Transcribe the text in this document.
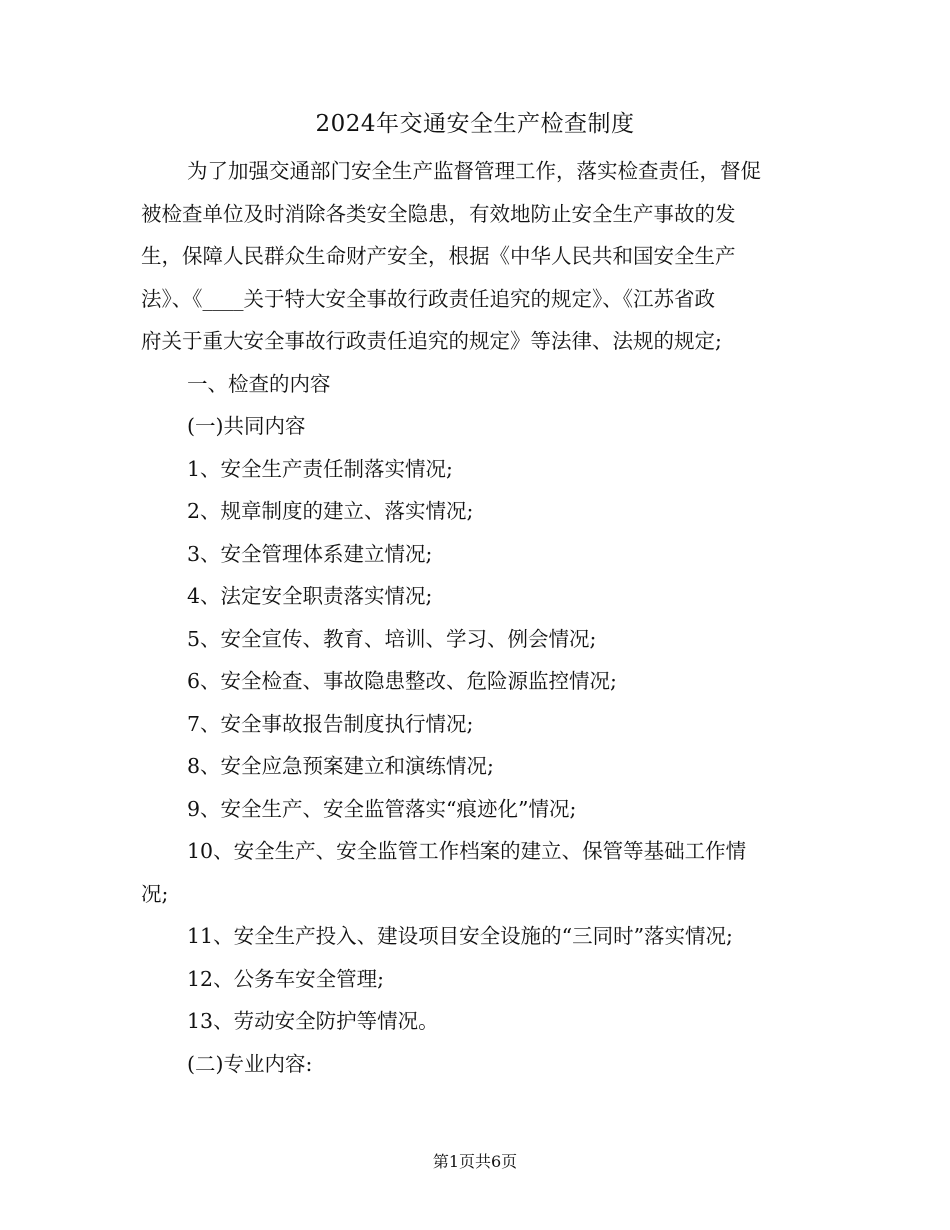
2024年交通安全生产检查制度

为了加强交通部门安全生产监督管理工作，落实检查责任，督促
被检查单位及时消除各类安全隐患，有效地防止安全生产事故的发
生，保障人民群众生命财产安全，根据《中华人民共和国安全生产
法》、《____关于特大安全事故行政责任追究的规定》、《江苏省政
府关于重大安全事故行政责任追究的规定》等法律、法规的规定;

一、检查的内容

(一)共同内容

1、安全生产责任制落实情况;

2、规章制度的建立、落实情况;

3、安全管理体系建立情况;

4、法定安全职责落实情况;

5、安全宣传、教育、培训、学习、例会情况;

6、安全检查、事故隐患整改、危险源监控情况;

7、安全事故报告制度执行情况;

8、安全应急预案建立和演练情况;

9、安全生产、安全监管落实“痕迹化”情况;

10、安全生产、安全监管工作档案的建立、保管等基础工作情
况;

11、安全生产投入、建设项目安全设施的“三同时”落实情况;

12、公务车安全管理;

13、劳动安全防护等情况。

(二)专业内容:

第1页共6页
